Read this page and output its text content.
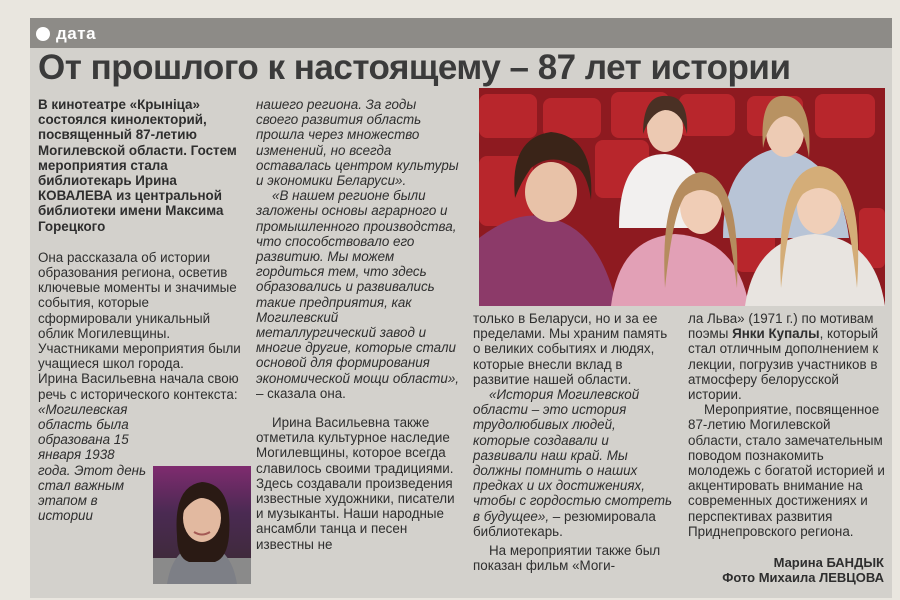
дата
От прошлого к настоящему – 87 лет истории

В кинотеатре «Крыніца» состоялся кинолекторий, посвященный 87-летию Могилевской области. Гостем мероприятия стала библиотекарь Ирина КОВАЛЕВА из центральной библиотеки имени Максима Горецкого

Она рассказала об истории образования региона, осветив ключевые моменты и значимые события, которые сформировали уникальный облик Могилевщины. Участниками мероприятия были учащиеся школ города.

Ирина Васильевна начала свою речь с исторического контекста:

«Могилевская область была образована 15 января 1938 года. Этот день стал важным этапом в истории

нашего региона. За годы своего развития область прошла через множество изменений, но всегда оставалась центром культуры и экономики Беларуси».

«В нашем регионе были заложены основы аграрного и промышленного производства, что способствовало его развитию. Мы можем гордиться тем, что здесь образовались и развивались такие предприятия, как Могилевский металлургический завод и многие другие, которые стали основой для формирования экономической мощи области», – сказала она.

Ирина Васильевна также отметила культурное наследие Могилевщины, которое всегда славилось своими традициями. Здесь создавали произведения известные художники, писатели и музыканты. Наши народные ансамбли танца и песен известны не

только в Беларуси, но и за ее пределами. Мы храним память о великих событиях и людях, которые внесли вклад в развитие нашей области.

«История Могилевской области – это история трудолюбивых людей, которые создавали и развивали наш край. Мы должны помнить о наших предках и их достижениях, чтобы с гордостью смотреть в будущее», – резюмировала библиотекарь.

На мероприятии также был показан фильм «Моги-

ла Льва» (1971 г.) по мотивам поэмы Янки Купалы, который стал отличным дополнением к лекции, погрузив участников в атмосферу белорусской истории.

Мероприятие, посвященное 87-летию Могилевской области, стало замечательным поводом познакомить молодежь с богатой историей и акцентировать внимание на современных достижениях и перспективах развития Приднепровского региона.

Марина БАНДЫК
Фото Михаила ЛЕВЦОВА
